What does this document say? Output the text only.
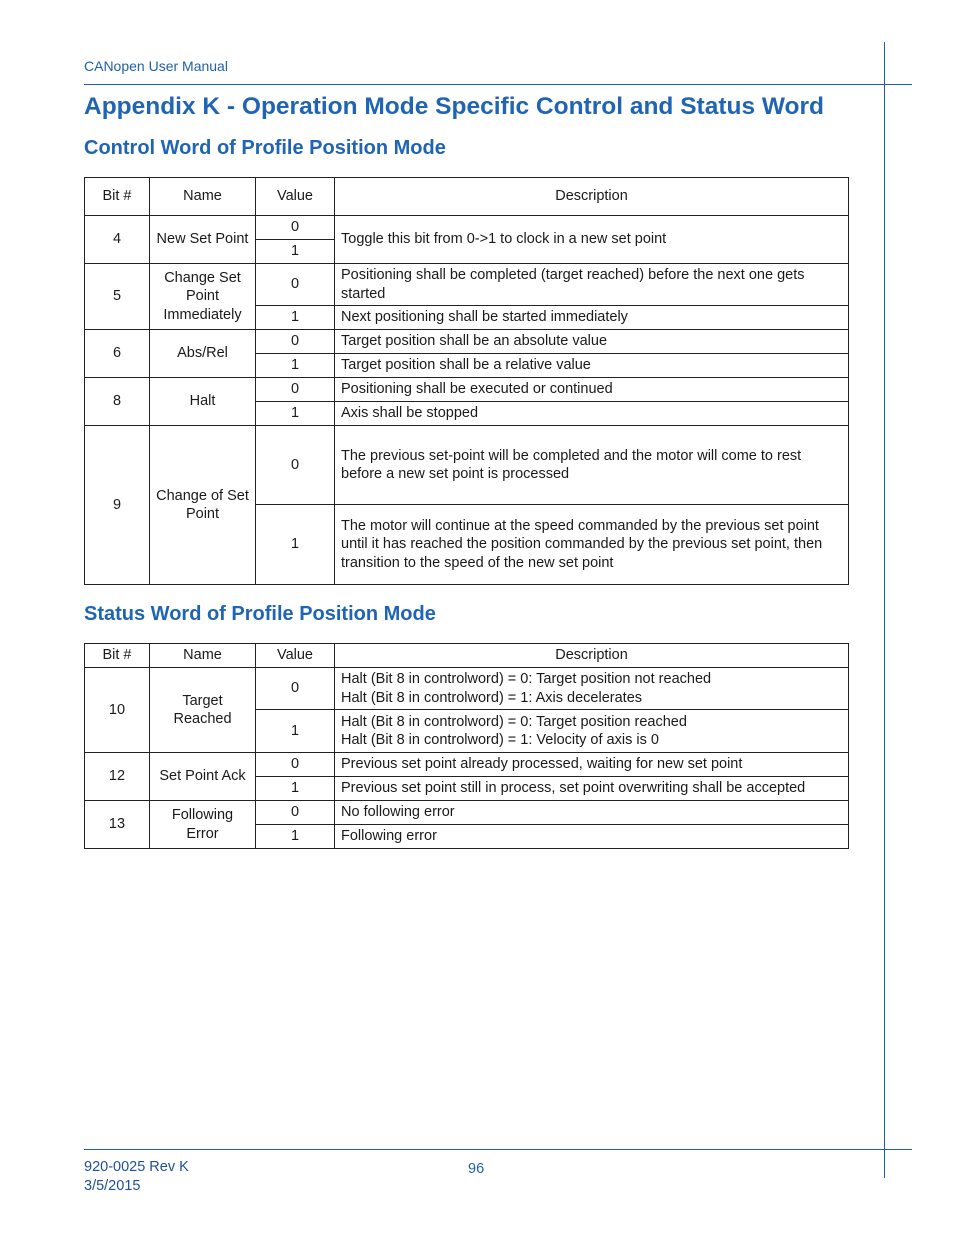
CANopen User Manual
Appendix K - Operation Mode Specific Control and Status Word
Control Word of Profile Position Mode
Bit #	Name	Value	Description
4	New Set Point	0	Toggle this bit from 0->1 to clock in a new set point
		1	
5	Change Set Point Immediately	0	Positioning shall be completed (target reached) before the next one gets started
		1	Next positioning shall be started immediately
6	Abs/Rel	0	Target position shall be an absolute value
		1	Target position shall be a relative value
8	Halt	0	Positioning shall be executed or continued
		1	Axis shall be stopped
9	Change of Set Point	0	The previous set-point will be completed and the motor will come to rest before a new set point is processed
		1	The motor will continue at the speed commanded by the previous set point until it has reached the position commanded by the previous set point, then transition to the speed of the new set point
Status Word of Profile Position Mode
Bit #	Name	Value	Description
10	Target Reached	0	Halt (Bit 8 in controlword) = 0: Target position not reached
Halt (Bit 8 in controlword) = 1: Axis decelerates

		1	Halt (Bit 8 in controlword) = 0: Target position reached
Halt (Bit 8 in controlword) = 1: Velocity of axis is 0

12	Set Point Ack	0	Previous set point already processed, waiting for new set point
		1	Previous set point still in process, set point overwriting shall be accepted
13	Following Error	0	No following error
		1	Following error
920-0025 Rev K
3/5/2015
96
